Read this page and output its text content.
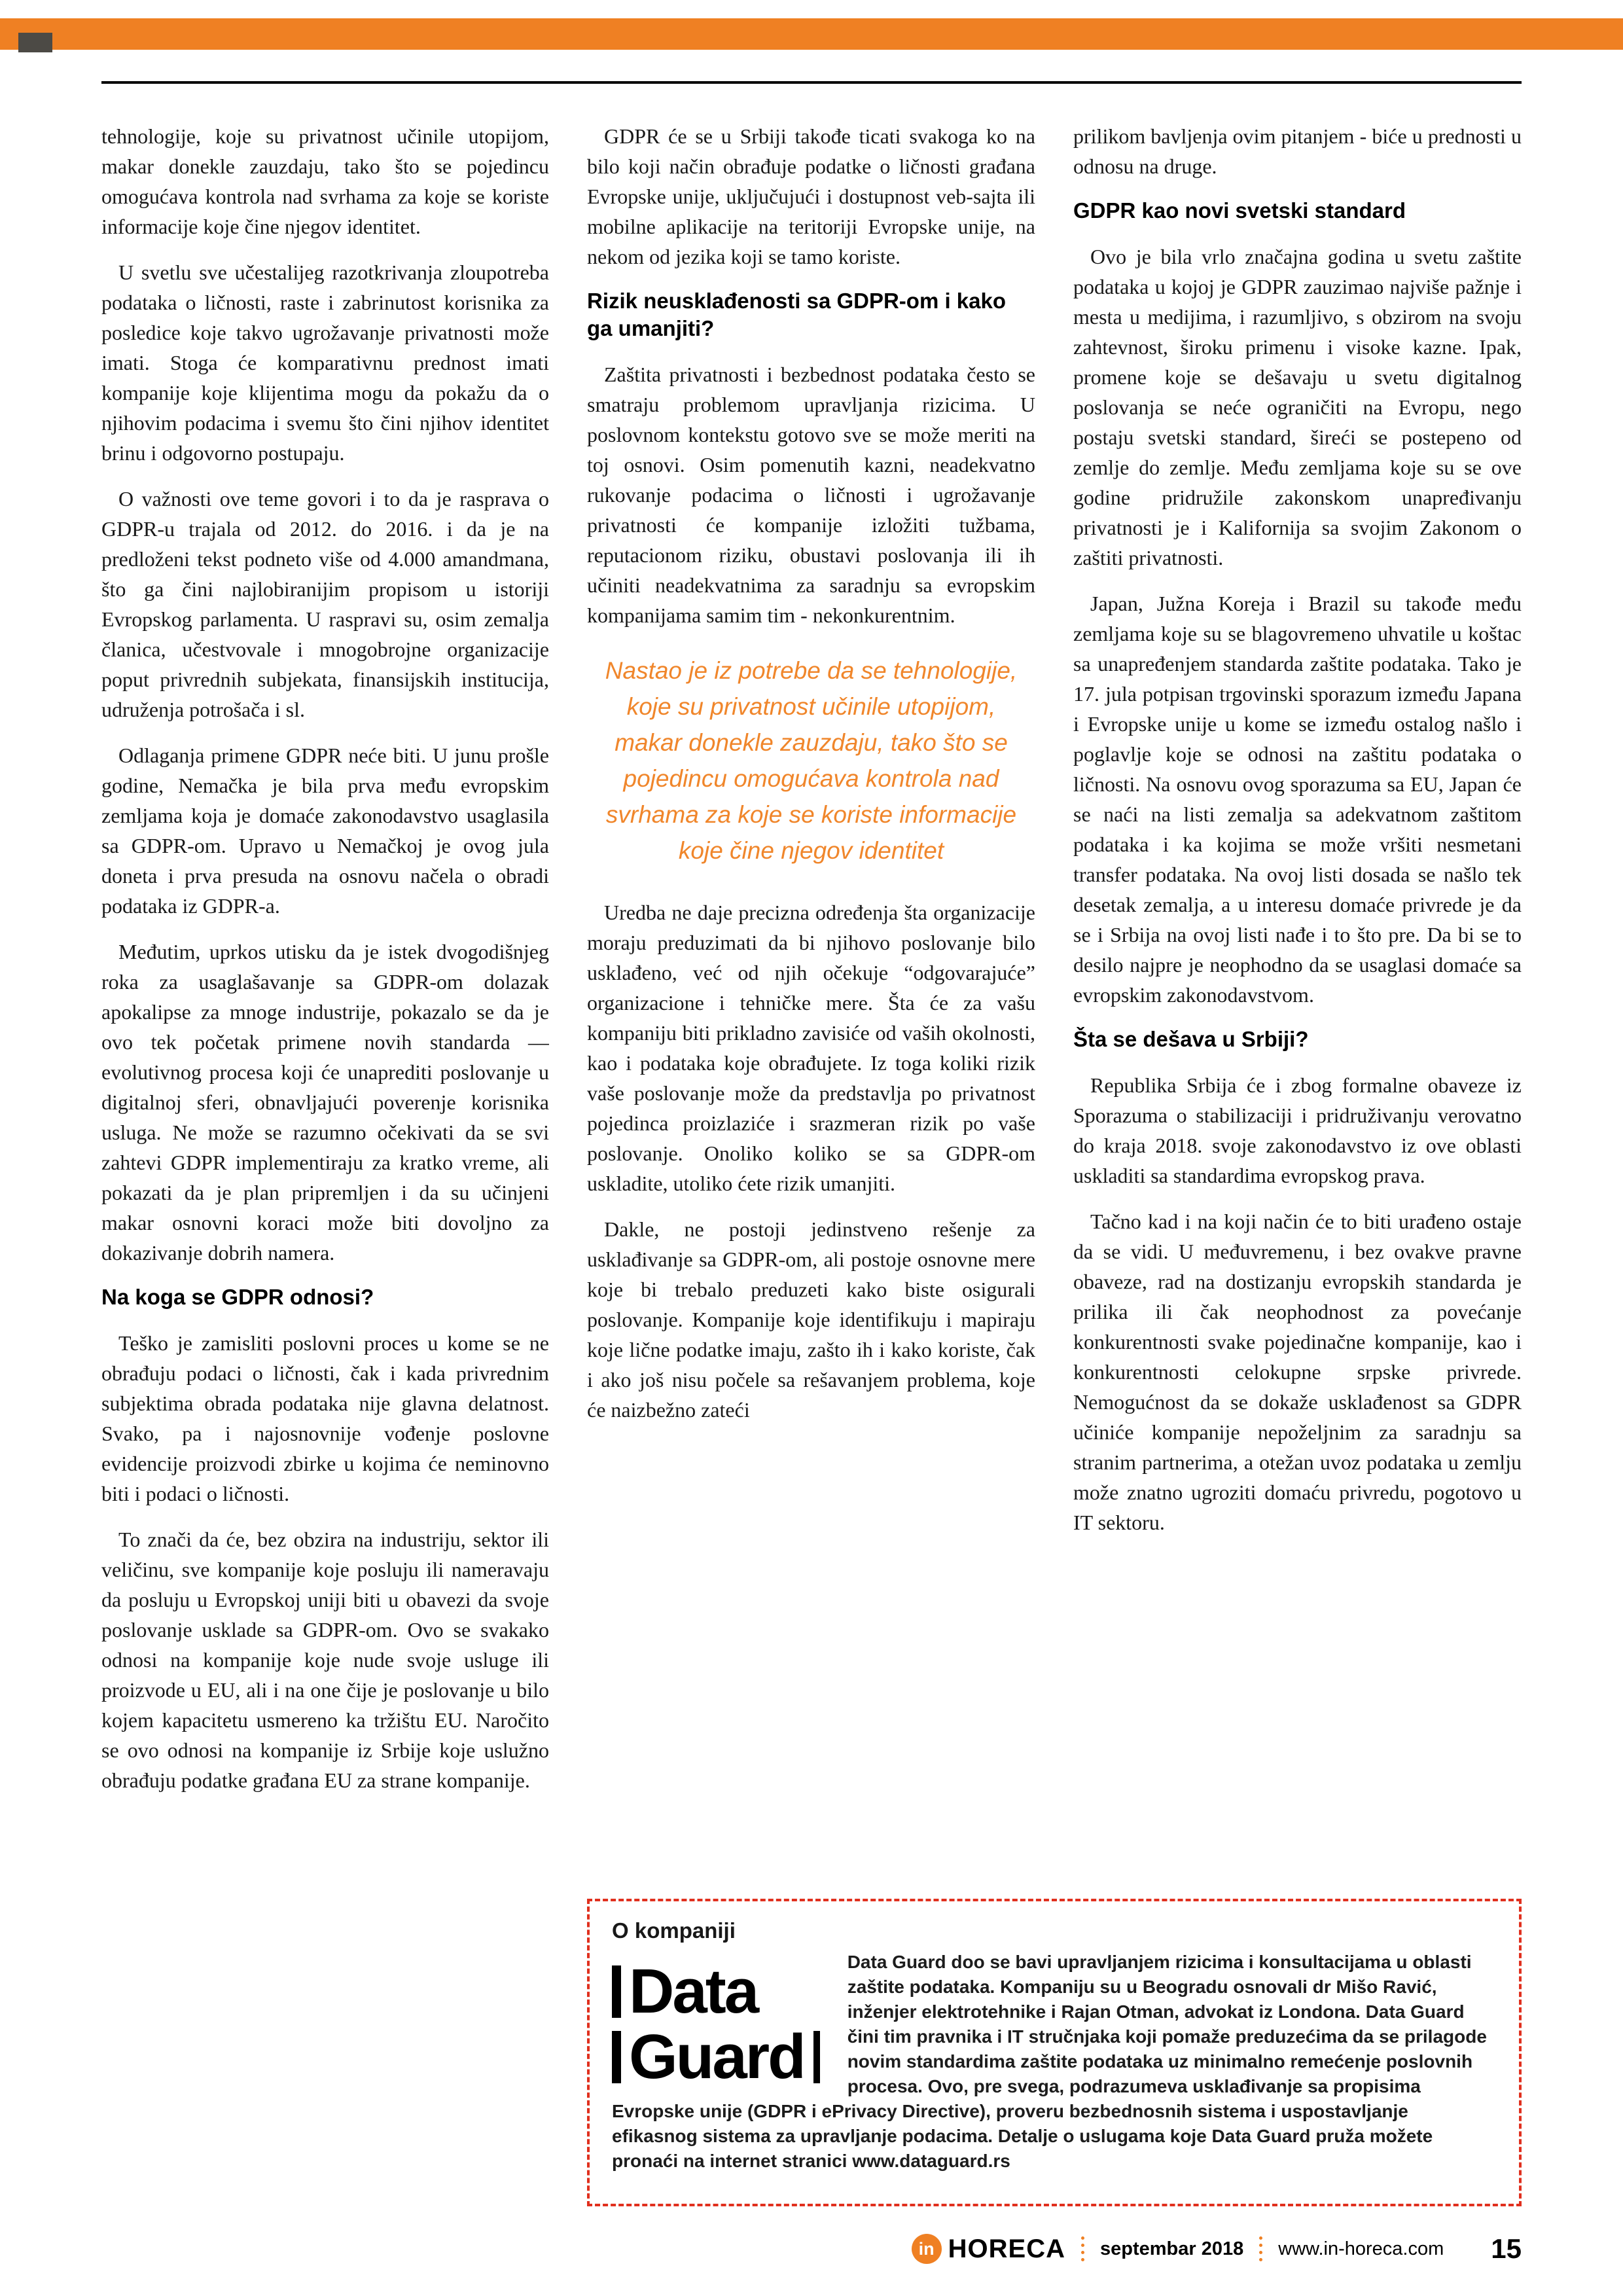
tehnologije, koje su privatnost učinile utopijom, makar donekle zauzdaju, tako što se pojedincu omogućava kontrola nad svrhama za koje se koriste informacije koje čine njegov identitet.

U svetlu sve učestalijeg razotkrivanja zloupotreba podataka o ličnosti, raste i zabrinutost korisnika za posledice koje takvo ugrožavanje privatnosti može imati. Stoga će komparativnu prednost imati kompanije koje klijentima mogu da pokažu da o njihovim podacima i svemu što čini njihov identitet brinu i odgovorno postupaju.

O važnosti ove teme govori i to da je rasprava o GDPR-u trajala od 2012. do 2016. i da je na predloženi tekst podneto više od 4.000 amandmana, što ga čini najlobiranijim propisom u istoriji Evropskog parlamenta. U raspravi su, osim zemalja članica, učestvovale i mnogobrojne organizacije poput privrednih subjekata, finansijskih institucija, udruženja potrošača i sl.

Odlaganja primene GDPR neće biti. U junu prošle godine, Nemačka je bila prva među evropskim zemljama koja je domaće zakonodavstvo usaglasila sa GDPR-om. Upravo u Nemačkoj je ovog jula doneta i prva presuda na osnovu načela o obradi podataka iz GDPR-a.

Međutim, uprkos utisku da je istek dvogodišnjeg roka za usaglašavanje sa GDPR-om dolazak apokalipse za mnoge industrije, pokazalo se da je ovo tek početak primene novih standarda — evolutivnog procesa koji će unaprediti poslovanje u digitalnoj sferi, obnavljajući poverenje korisnika usluga. Ne može se razumno očekivati da se svi zahtevi GDPR implementiraju za kratko vreme, ali pokazati da je plan pripremljen i da su učinjeni makar osnovni koraci može biti dovoljno za dokazivanje dobrih namera.

Na koga se GDPR odnosi?

Teško je zamisliti poslovni proces u kome se ne obrađuju podaci o ličnosti, čak i kada privrednim subjektima obrada podataka nije glavna delatnost. Svako, pa i najosnovnije vođenje poslovne evidencije proizvodi zbirke u kojima će neminovno biti i podaci o ličnosti.

To znači da će, bez obzira na industriju, sektor ili veličinu, sve kompanije koje posluju ili nameravaju da posluju u Evropskoj uniji biti u obavezi da svoje poslovanje usklade sa GDPR-om. Ovo se svakako odnosi na kompanije koje nude svoje usluge ili proizvode u EU, ali i na one čije je poslovanje u bilo kojem kapacitetu usmereno ka tržištu EU. Naročito se ovo odnosi na kompanije iz Srbije koje uslužno obrađuju podatke građana EU za strane kompanije.

GDPR će se u Srbiji takođe ticati svakoga ko na bilo koji način obrađuje podatke o ličnosti građana Evropske unije, uključujući i dostupnost veb-sajta ili mobilne aplikacije na teritoriji Evropske unije, na nekom od jezika koji se tamo koriste.

Rizik neusklađenosti sa GDPR-om i kako ga umanjiti?

Zaštita privatnosti i bezbednost podataka često se smatraju problemom upravljanja rizicima. U poslovnom kontekstu gotovo sve se može meriti na toj osnovi. Osim pomenutih kazni, neadekvatno rukovanje podacima o ličnosti i ugrožavanje privatnosti će kompanije izložiti tužbama, reputacionom riziku, obustavi poslovanja ili ih učiniti neadekvatnima za saradnju sa evropskim kompanijama samim tim - nekonkurentnim.

Nastao je iz potrebe da se tehnologije, koje su privatnost učinile utopijom, makar donekle zauzdaju, tako što se pojedincu omogućava kontrola nad svrhama za koje se koriste informacije koje čine njegov identitet

Uredba ne daje precizna određenja šta organizacije moraju preduzimati da bi njihovo poslovanje bilo usklađeno, već od njih očekuje “odgovarajuće” organizacione i tehničke mere. Šta će za vašu kompaniju biti prikladno zavisiće od vaših okolnosti, kao i podataka koje obrađujete. Iz toga koliki rizik vaše poslovanje može da predstavlja po privatnost pojedinca proizlaziće i srazmeran rizik po vaše poslovanje. Onoliko koliko se sa GDPR-om uskladite, utoliko ćete rizik umanjiti.

Dakle, ne postoji jedinstveno rešenje za usklađivanje sa GDPR-om, ali postoje osnovne mere koje bi trebalo preduzeti kako biste osigurali poslovanje. Kompanije koje identifikuju i mapiraju koje lične podatke imaju, zašto ih i kako koriste, čak i ako još nisu počele sa rešavanjem problema, koje će naizbežno zateći

prilikom bavljenja ovim pitanjem - biće u prednosti u odnosu na druge.

GDPR kao novi svetski standard

Ovo je bila vrlo značajna godina u svetu zaštite podataka u kojoj je GDPR zauzimao najviše pažnje i mesta u medijima, i razumljivo, s obzirom na svoju zahtevnost, široku primenu i visoke kazne. Ipak, promene koje se dešavaju u svetu digitalnog poslovanja se neće ograničiti na Evropu, nego postaju svetski standard, šireći se postepeno od zemlje do zemlje. Među zemljama koje su se ove godine pridružile zakonskom unapređivanju privatnosti je i Kalifornija sa svojim Zakonom o zaštiti privatnosti.

Japan, Južna Koreja i Brazil su takođe među zemljama koje su se blagovremeno uhvatile u koštac sa unapređenjem standarda zaštite podataka. Tako je 17. jula potpisan trgovinski sporazum između Japana i Evropske unije u kome se između ostalog našlo i poglavlje koje se odnosi na zaštitu podataka o ličnosti. Na osnovu ovog sporazuma sa EU, Japan će se naći na listi zemalja sa adekvatnom zaštitom podataka i ka kojima se može vršiti nesmetani transfer podataka. Na ovoj listi dosada se našlo tek desetak zemalja, a u interesu domaće privrede je da se i Srbija na ovoj listi nađe i to što pre. Da bi se to desilo najpre je neophodno da se usaglasi domaće sa evropskim zakonodavstvom.

Šta se dešava u Srbiji?

Republika Srbija će i zbog formalne obaveze iz Sporazuma o stabilizaciji i pridruživanju verovatno do kraja 2018. svoje zakonodavstvo iz ove oblasti uskladiti sa standardima evropskog prava.

Tačno kad i na koji način će to biti urađeno ostaje da se vidi. U međuvremenu, i bez ovakve pravne obaveze, rad na dostizanju evropskih standarda je prilika ili čak neophodnost za povećanje konkurentnosti svake pojedinačne kompanije, kao i konkurentnosti celokupne srpske privrede. Nemogućnost da se dokaže usklađenost sa GDPR učiniće kompanije nepoželjnim za saradnju sa stranim partnerima, a otežan uvoz podataka u zemlju može znatno ugroziti domaću privredu, pogotovo u IT sektoru.

O kompaniji
Data
Guard

Data Guard doo se bavi upravljanjem rizicima i konsultacijama u oblasti zaštite podataka. Kompaniju su u Beogradu osnovali dr Mišo Ravić, inženjer elektrotehnike i Rajan Otman, advokat iz Londona. Data Guard čini tim pravnika i IT stručnjaka koji pomaže preduzećima da se prilagode novim standardima zaštite podataka uz minimalno remećenje poslovnih procesa. Ovo, pre svega, podrazumeva usklađivanje sa propisima Evropske unije (GDPR i ePrivacy Directive), proveru bezbednosnih sistema i uspostavljanje efikasnog sistema za upravljanje podacima. Detalje o uslugama koje Data Guard pruža možete pronaći na internet stranici www.dataguard.rs

in HORECA septembar 2018 www.in-horeca.com 15
